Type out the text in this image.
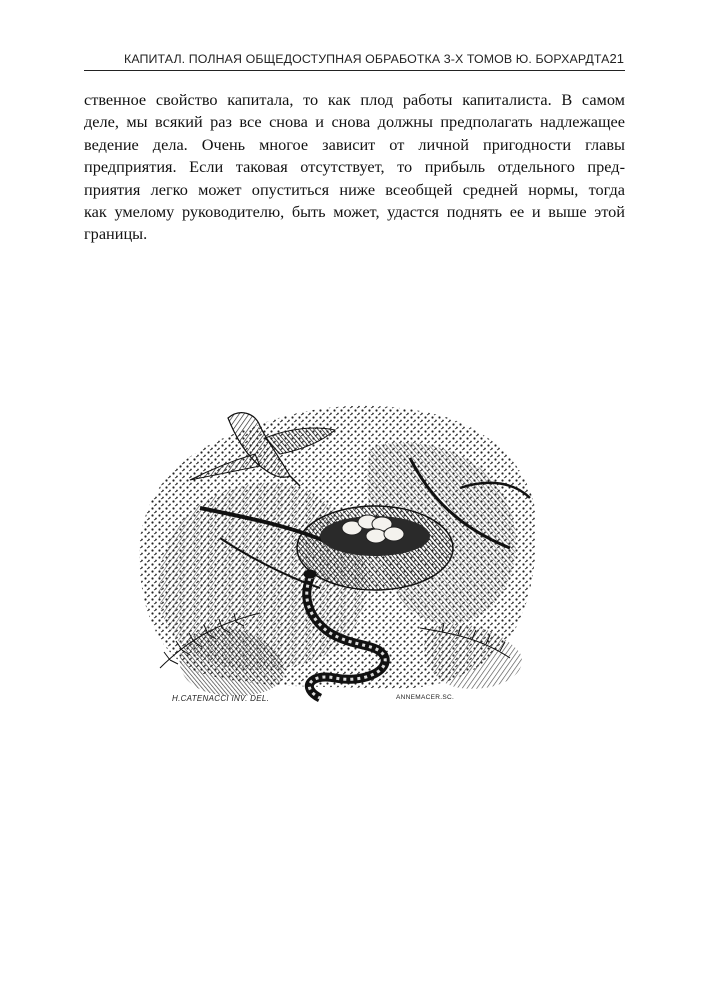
КАПИТАЛ. ПОЛНАЯ ОБЩЕДОСТУПНАЯ ОБРАБОТКА 3-Х ТОМОВ Ю. БОРХАРДТА 21
ственное свойство капитала, то как плод работы капиталиста. В самом
деле, мы всякий раз все снова и снова должны предполагать надлежащее
ведение дела. Очень многое зависит от личной пригодности главы
предприятия. Если таковая отсутствует, то прибыль отдельного пред-
приятия легко может опуститься ниже всеобщей средней нормы, тогда
как умелому руководителю, быть может, удастся поднять ее и выше этой
границы.
H.CATENACCI INV. DEL.	ANNEMACER.SC.
